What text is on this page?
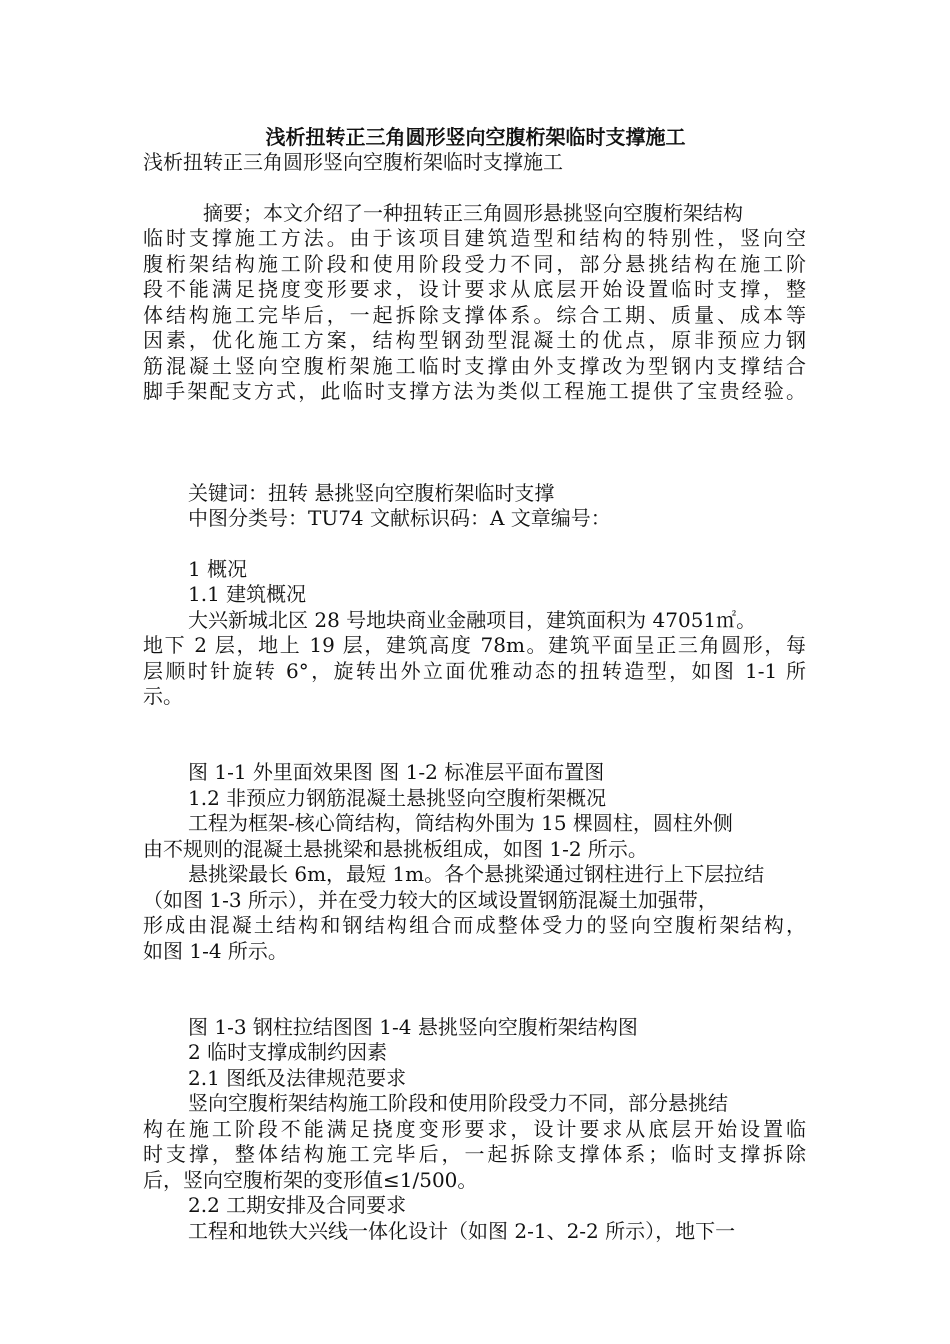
浅析扭转正三角圆形竖向空腹桁架临时支撑施工
浅析扭转正三角圆形竖向空腹桁架临时支撑施工
摘要；本文介绍了一种扭转正三角圆形悬挑竖向空腹桁架结构
临时支撑施工方法。由于该项目建筑造型和结构的特别性，竖向空
腹桁架结构施工阶段和使用阶段受力不同，部分悬挑结构在施工阶
段不能满足挠度变形要求，设计要求从底层开始设置临时支撑，整
体结构施工完毕后，一起拆除支撑体系。综合工期、质量、成本等
因素，优化施工方案，结构型钢劲型混凝土的优点，原非预应力钢
筋混凝土竖向空腹桁架施工临时支撑由外支撑改为型钢内支撑结合
脚手架配支方式，此临时支撑方法为类似工程施工提供了宝贵经验。
关键词：扭转 悬挑竖向空腹桁架临时支撑
中图分类号：TU74 文献标识码：A 文章编号：
1 概况
1.1 建筑概况
大兴新城北区 28 号地块商业金融项目，建筑面积为 47051㎡。
地下 2 层，地上 19 层，建筑高度 78m。建筑平面呈正三角圆形，每
层顺时针旋转 6°，旋转出外立面优雅动态的扭转造型，如图 1-1 所
示。
图 1-1 外里面效果图 图 1-2 标准层平面布置图
1.2 非预应力钢筋混凝土悬挑竖向空腹桁架概况
工程为框架-核心筒结构，筒结构外围为 15 棵圆柱，圆柱外侧
由不规则的混凝土悬挑梁和悬挑板组成，如图 1-2 所示。
悬挑梁最长 6m，最短 1m。各个悬挑梁通过钢柱进行上下层拉结
（如图 1-3 所示），并在受力较大的区域设置钢筋混凝土加强带，
形成由混凝土结构和钢结构组合而成整体受力的竖向空腹桁架结构，
如图 1-4 所示。
图 1-3 钢柱拉结图图 1-4 悬挑竖向空腹桁架结构图
2 临时支撑成制约因素
2.1 图纸及法律规范要求
竖向空腹桁架结构施工阶段和使用阶段受力不同，部分悬挑结
构在施工阶段不能满足挠度变形要求，设计要求从底层开始设置临
时支撑，整体结构施工完毕后，一起拆除支撑体系；临时支撑拆除
后，竖向空腹桁架的变形值≤1/500。
2.2 工期安排及合同要求
工程和地铁大兴线一体化设计（如图 2-1、2-2 所示），地下一
